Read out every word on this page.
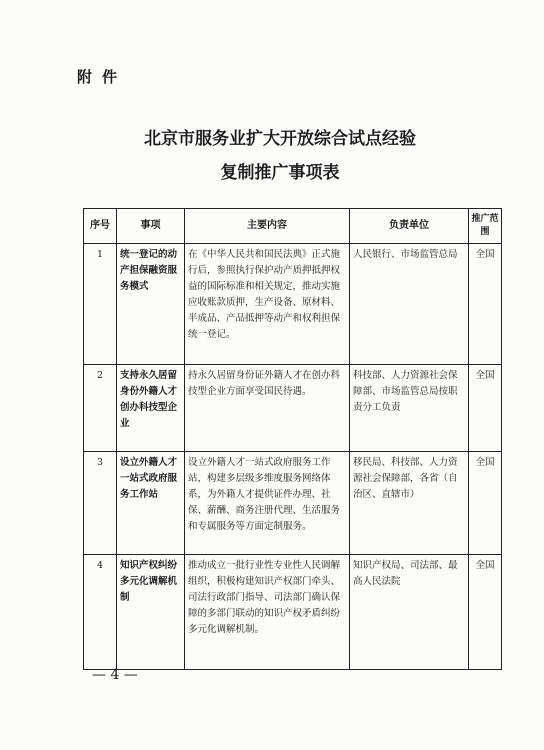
附件
北京市服务业扩大开放综合试点经验
复制推广事项表
序号	事项	主要内容	负责单位	推广范围
1	统一登记的动产担保融资服务模式	在《中华人民共和国民法典》正式施行后，参照执行保护动产质押抵押权益的国际标准和相关规定，推动实施应收账款质押，生产设备、原材料、半成品、产品抵押等动产和权利担保统一登记。	人民银行、市场监管总局	全国
2	支持永久居留身份外籍人才创办科技型企业	持永久居留身份证外籍人才在创办科技型企业方面享受国民待遇。	科技部、人力资源社会保障部、市场监管总局按职责分工负责	全国
3	设立外籍人才一站式政府服务工作站	设立外籍人才一站式政府服务工作站，构建多层级多维度服务网络体系，为外籍人才提供证件办理、社保、薪酬、商务注册代理、生活服务和专属服务等方面定制服务。	移民局、科技部、人力资源社会保障部，各省（自治区、直辖市）	全国
4	知识产权纠纷多元化调解机制	推动成立一批行业性专业性人民调解组织，积极构建知识产权部门牵头、司法行政部门指导、司法部门确认保障的多部门联动的知识产权矛盾纠纷多元化调解机制。	知识产权局、司法部、最高人民法院	全国
— 4 —
